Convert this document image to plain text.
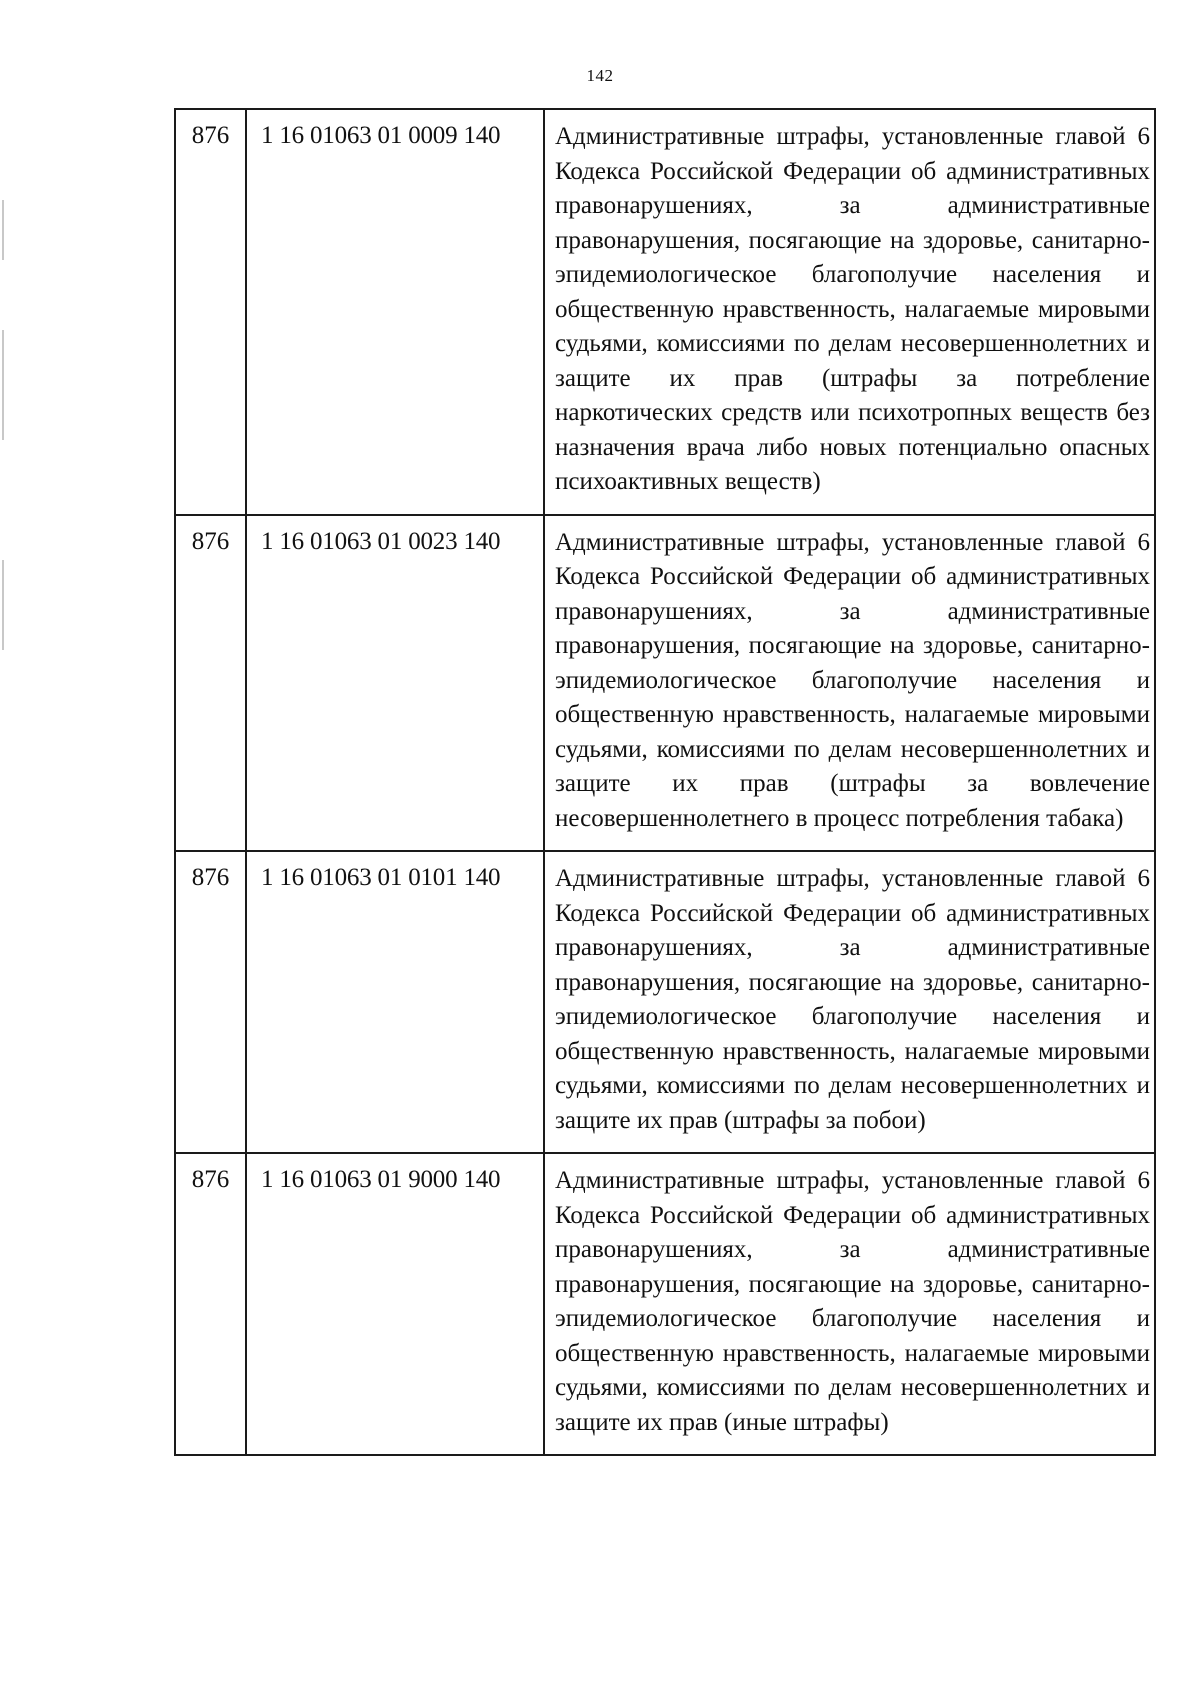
142
876	1 16 01063 01 0009 140	Административные штрафы, установленные главой 6 Кодекса Российской Федерации об административных правонарушениях, за административные правонарушения, посягающие на здоровье, санитарно-эпидемиологическое благополучие населения и общественную нравственность, налагаемые мировыми судьями, комиссиями по делам несовершеннолетних и защите их прав (штрафы за потребление наркотических средств или психотропных веществ без назначения врача либо новых потенциально опасных психоактивных веществ)
876	1 16 01063 01 0023 140	Административные штрафы, установленные главой 6 Кодекса Российской Федерации об административных правонарушениях, за административные правонарушения, посягающие на здоровье, санитарно-эпидемиологическое благополучие населения и общественную нравственность, налагаемые мировыми судьями, комиссиями по делам несовершеннолетних и защите их прав (штрафы за вовлечение несовершеннолетнего в процесс потребления табака)
876	1 16 01063 01 0101 140	Административные штрафы, установленные главой 6 Кодекса Российской Федерации об административных правонарушениях, за административные правонарушения, посягающие на здоровье, санитарно-эпидемиологическое благополучие населения и общественную нравственность, налагаемые мировыми судьями, комиссиями по делам несовершеннолетних и защите их прав (штрафы за побои)
876	1 16 01063 01 9000 140	Административные штрафы, установленные главой 6 Кодекса Российской Федерации об административных правонарушениях, за административные правонарушения, посягающие на здоровье, санитарно-эпидемиологическое благополучие населения и общественную нравственность, налагаемые мировыми судьями, комиссиями по делам несовершеннолетних и защите их прав (иные штрафы)
